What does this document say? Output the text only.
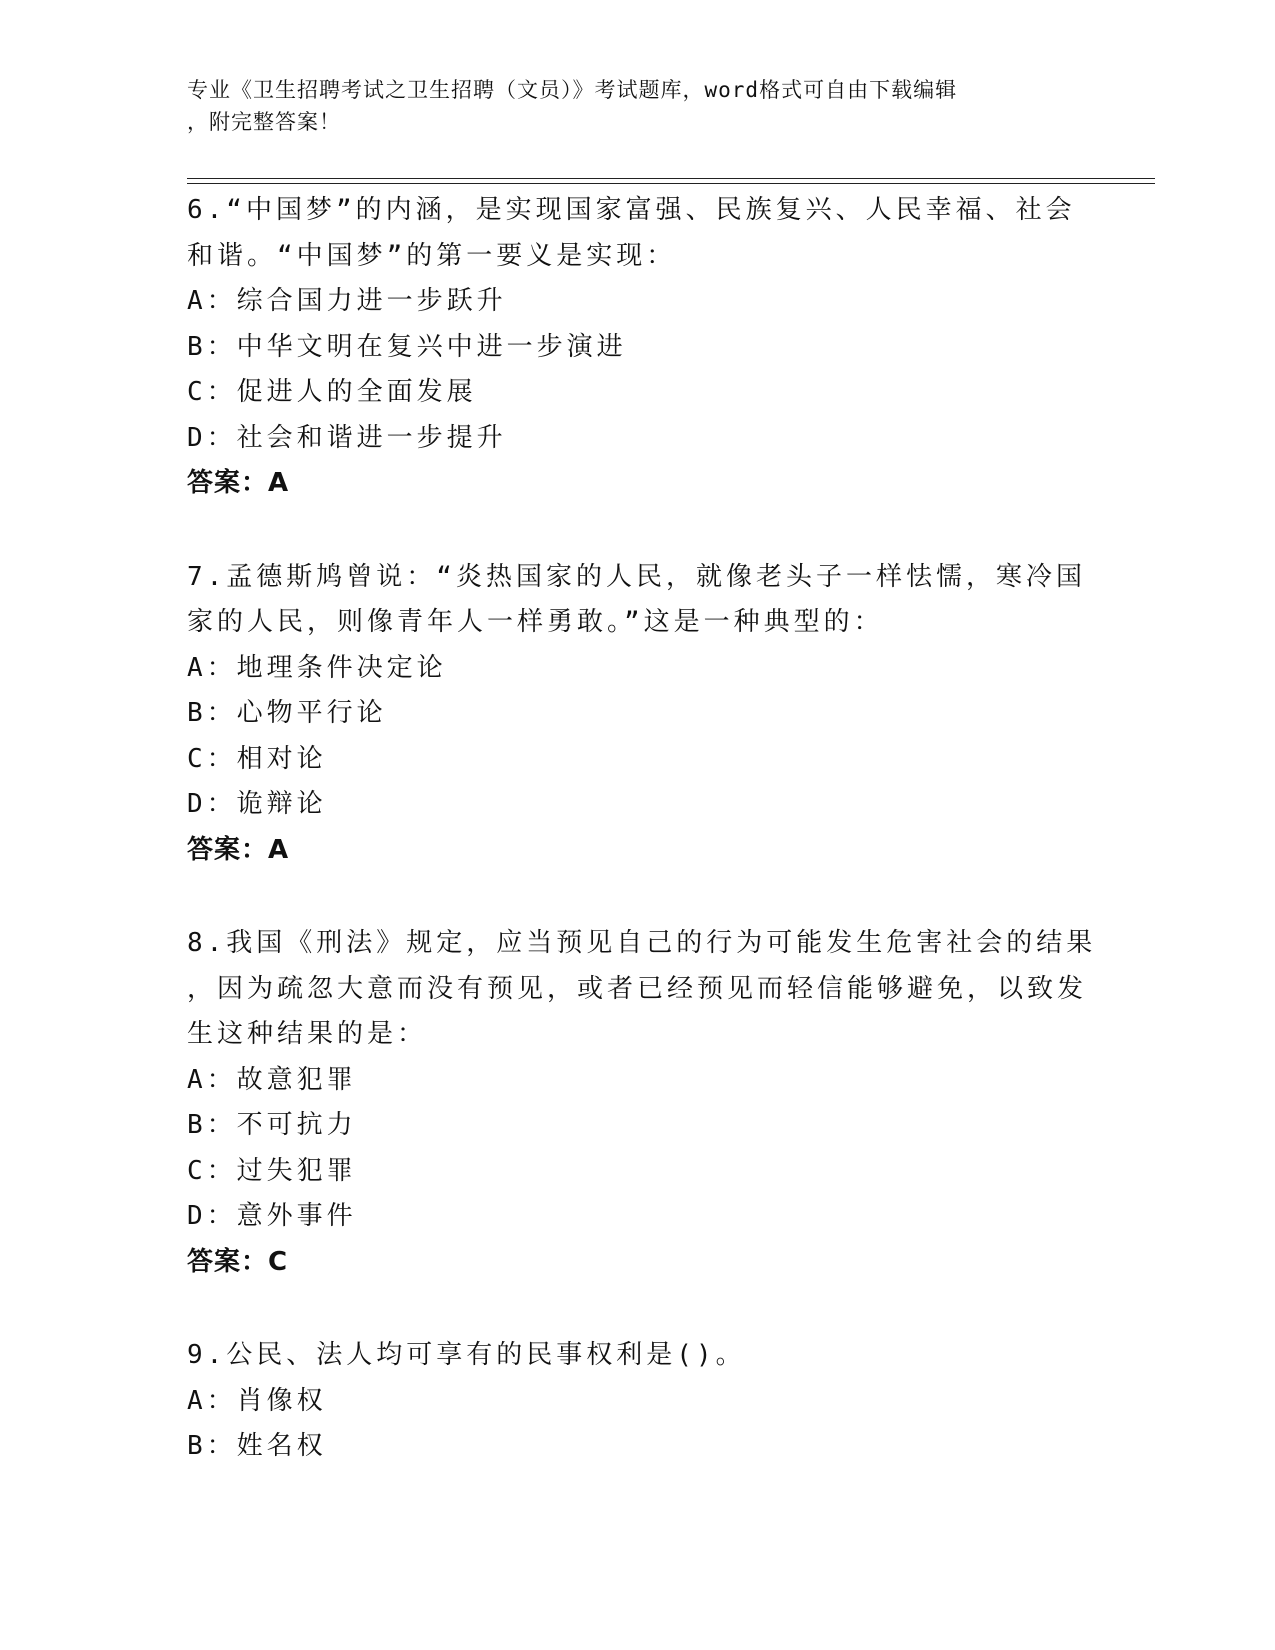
专业《卫生招聘考试之卫生招聘（文员）》考试题库，word格式可自由下载编辑
，附完整答案！
6.“中国梦”的内涵，是实现国家富强、民族复兴、人民幸福、社会
和谐。“中国梦”的第一要义是实现：
A：综合国力进一步跃升
B：中华文明在复兴中进一步演进
C：促进人的全面发展
D：社会和谐进一步提升
答案：A
7.孟德斯鸠曾说：“炎热国家的人民，就像老头子一样怯懦，寒冷国
家的人民，则像青年人一样勇敢。”这是一种典型的：
A：地理条件决定论
B：心物平行论
C：相对论
D：诡辩论
答案：A
8.我国《刑法》规定，应当预见自己的行为可能发生危害社会的结果
，因为疏忽大意而没有预见，或者已经预见而轻信能够避免，以致发
生这种结果的是：
A：故意犯罪
B：不可抗力
C：过失犯罪
D：意外事件
答案：C
9.公民、法人均可享有的民事权利是()。
A：肖像权
B：姓名权
